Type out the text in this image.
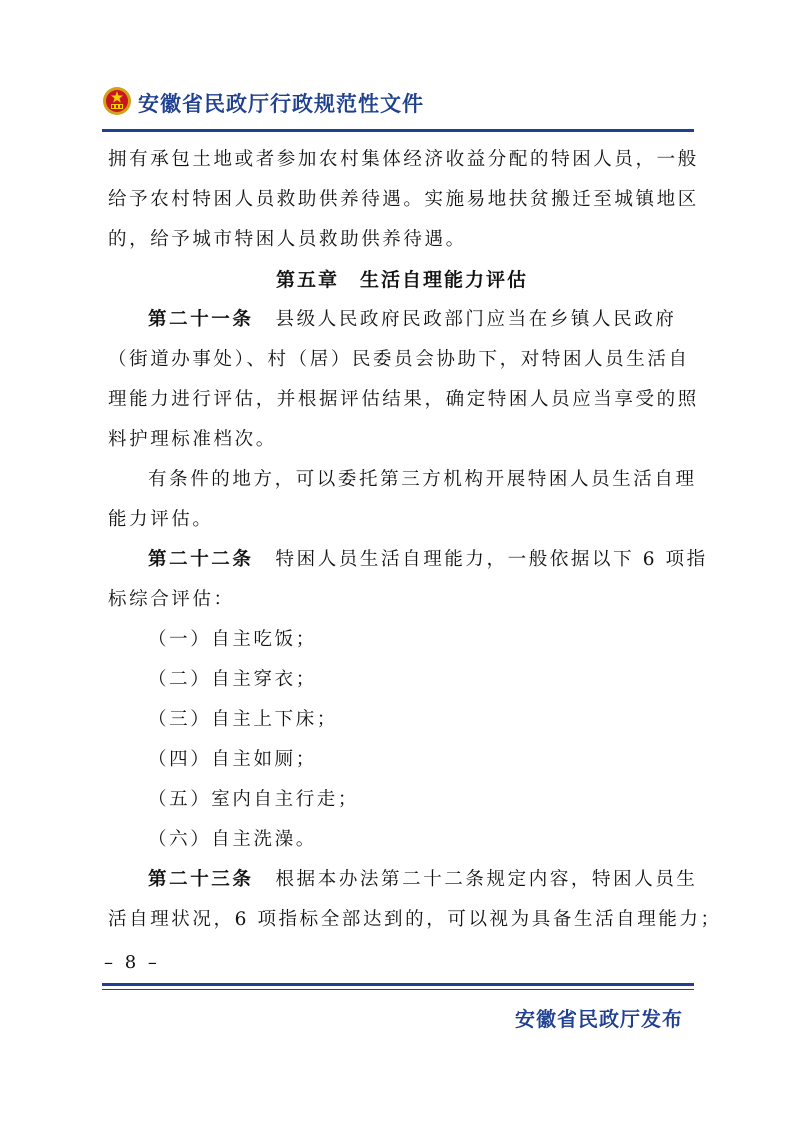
安徽省民政厅行政规范性文件

拥有承包土地或者参加农村集体经济收益分配的特困人员，一般

给予农村特困人员救助供养待遇。实施易地扶贫搬迁至城镇地区

的，给予城市特困人员救助供养待遇。

第五章　生活自理能力评估

第二十一条 县级人民政府民政部门应当在乡镇人民政府

（街道办事处）、村（居）民委员会协助下，对特困人员生活自

理能力进行评估，并根据评估结果，确定特困人员应当享受的照

料护理标准档次。

有条件的地方，可以委托第三方机构开展特困人员生活自理

能力评估。

第二十二条 特困人员生活自理能力，一般依据以下 6 项指

标综合评估：

（一）自主吃饭；

（二）自主穿衣；

（三）自主上下床；

（四）自主如厕；

（五）室内自主行走；

（六）自主洗澡。

第二十三条 根据本办法第二十二条规定内容，特困人员生

活自理状况，6 项指标全部达到的，可以视为具备生活自理能力；

– 8 –
安徽省民政厅发布
